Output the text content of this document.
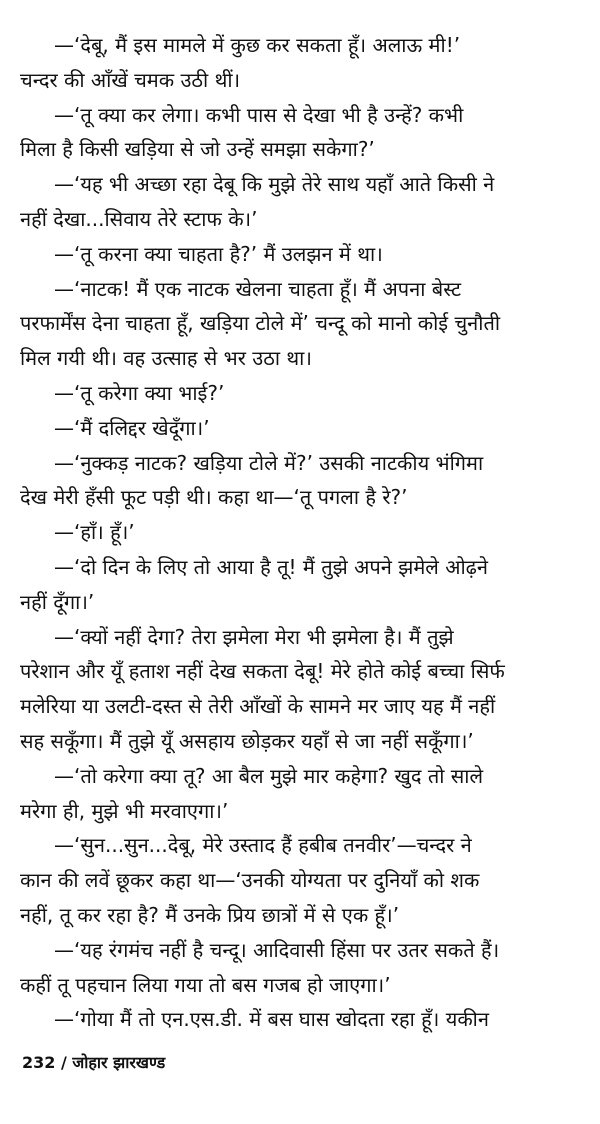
—‘देबू, मैं इस मामले में कुछ कर सकता हूँ। अलाऊ मी!’
चन्दर की आँखें चमक उठी थीं।
—‘तू क्या कर लेगा। कभी पास से देखा भी है उन्हें? कभी
मिला है किसी खड़िया से जो उन्हें समझा सकेगा?’
—‘यह भी अच्छा रहा देबू कि मुझे तेरे साथ यहाँ आते किसी ने
नहीं देखा...सिवाय तेरे स्टाफ के।’
—‘तू करना क्या चाहता है?’ मैं उलझन में था।
—‘नाटक! मैं एक नाटक खेलना चाहता हूँ। मैं अपना बेस्ट
परफार्मेंस देना चाहता हूँ, खड़िया टोले में’ चन्दू को मानो कोई चुनौती
मिल गयी थी। वह उत्साह से भर उठा था।
—‘तू करेगा क्या भाई?’
—‘मैं दलिद्दर खेदूँगा।’
—‘नुक्कड़ नाटक? खड़िया टोले में?’ उसकी नाटकीय भंगिमा
देख मेरी हँसी फूट पड़ी थी। कहा था—‘तू पगला है रे?’
—‘हाँ। हूँ।’
—‘दो दिन के लिए तो आया है तू! मैं तुझे अपने झमेले ओढ़ने
नहीं दूँगा।’
—‘क्यों नहीं देगा? तेरा झमेला मेरा भी झमेला है। मैं तुझे
परेशान और यूँ हताश नहीं देख सकता देबू! मेरे होते कोई बच्चा सिर्फ
मलेरिया या उलटी-दस्त से तेरी आँखों के सामने मर जाए यह मैं नहीं
सह सकूँगा। मैं तुझे यूँ असहाय छोड़कर यहाँ से जा नहीं सकूँगा।’
—‘तो करेगा क्या तू? आ बैल मुझे मार कहेगा? खुद तो साले
मरेगा ही, मुझे भी मरवाएगा।’
—‘सुन...सुन...देबू, मेरे उस्ताद हैं हबीब तनवीर’—चन्दर ने
कान की लवें छूकर कहा था—‘उनकी योग्यता पर दुनियाँ को शक
नहीं, तू कर रहा है? मैं उनके प्रिय छात्रों में से एक हूँ।’
—‘यह रंगमंच नहीं है चन्दू। आदिवासी हिंसा पर उतर सकते हैं।
कहीं तू पहचान लिया गया तो बस गजब हो जाएगा।’
—‘गोया मैं तो एन.एस.डी. में बस घास खोदता रहा हूँ। यकीन
232 / जोहार झारखण्ड
